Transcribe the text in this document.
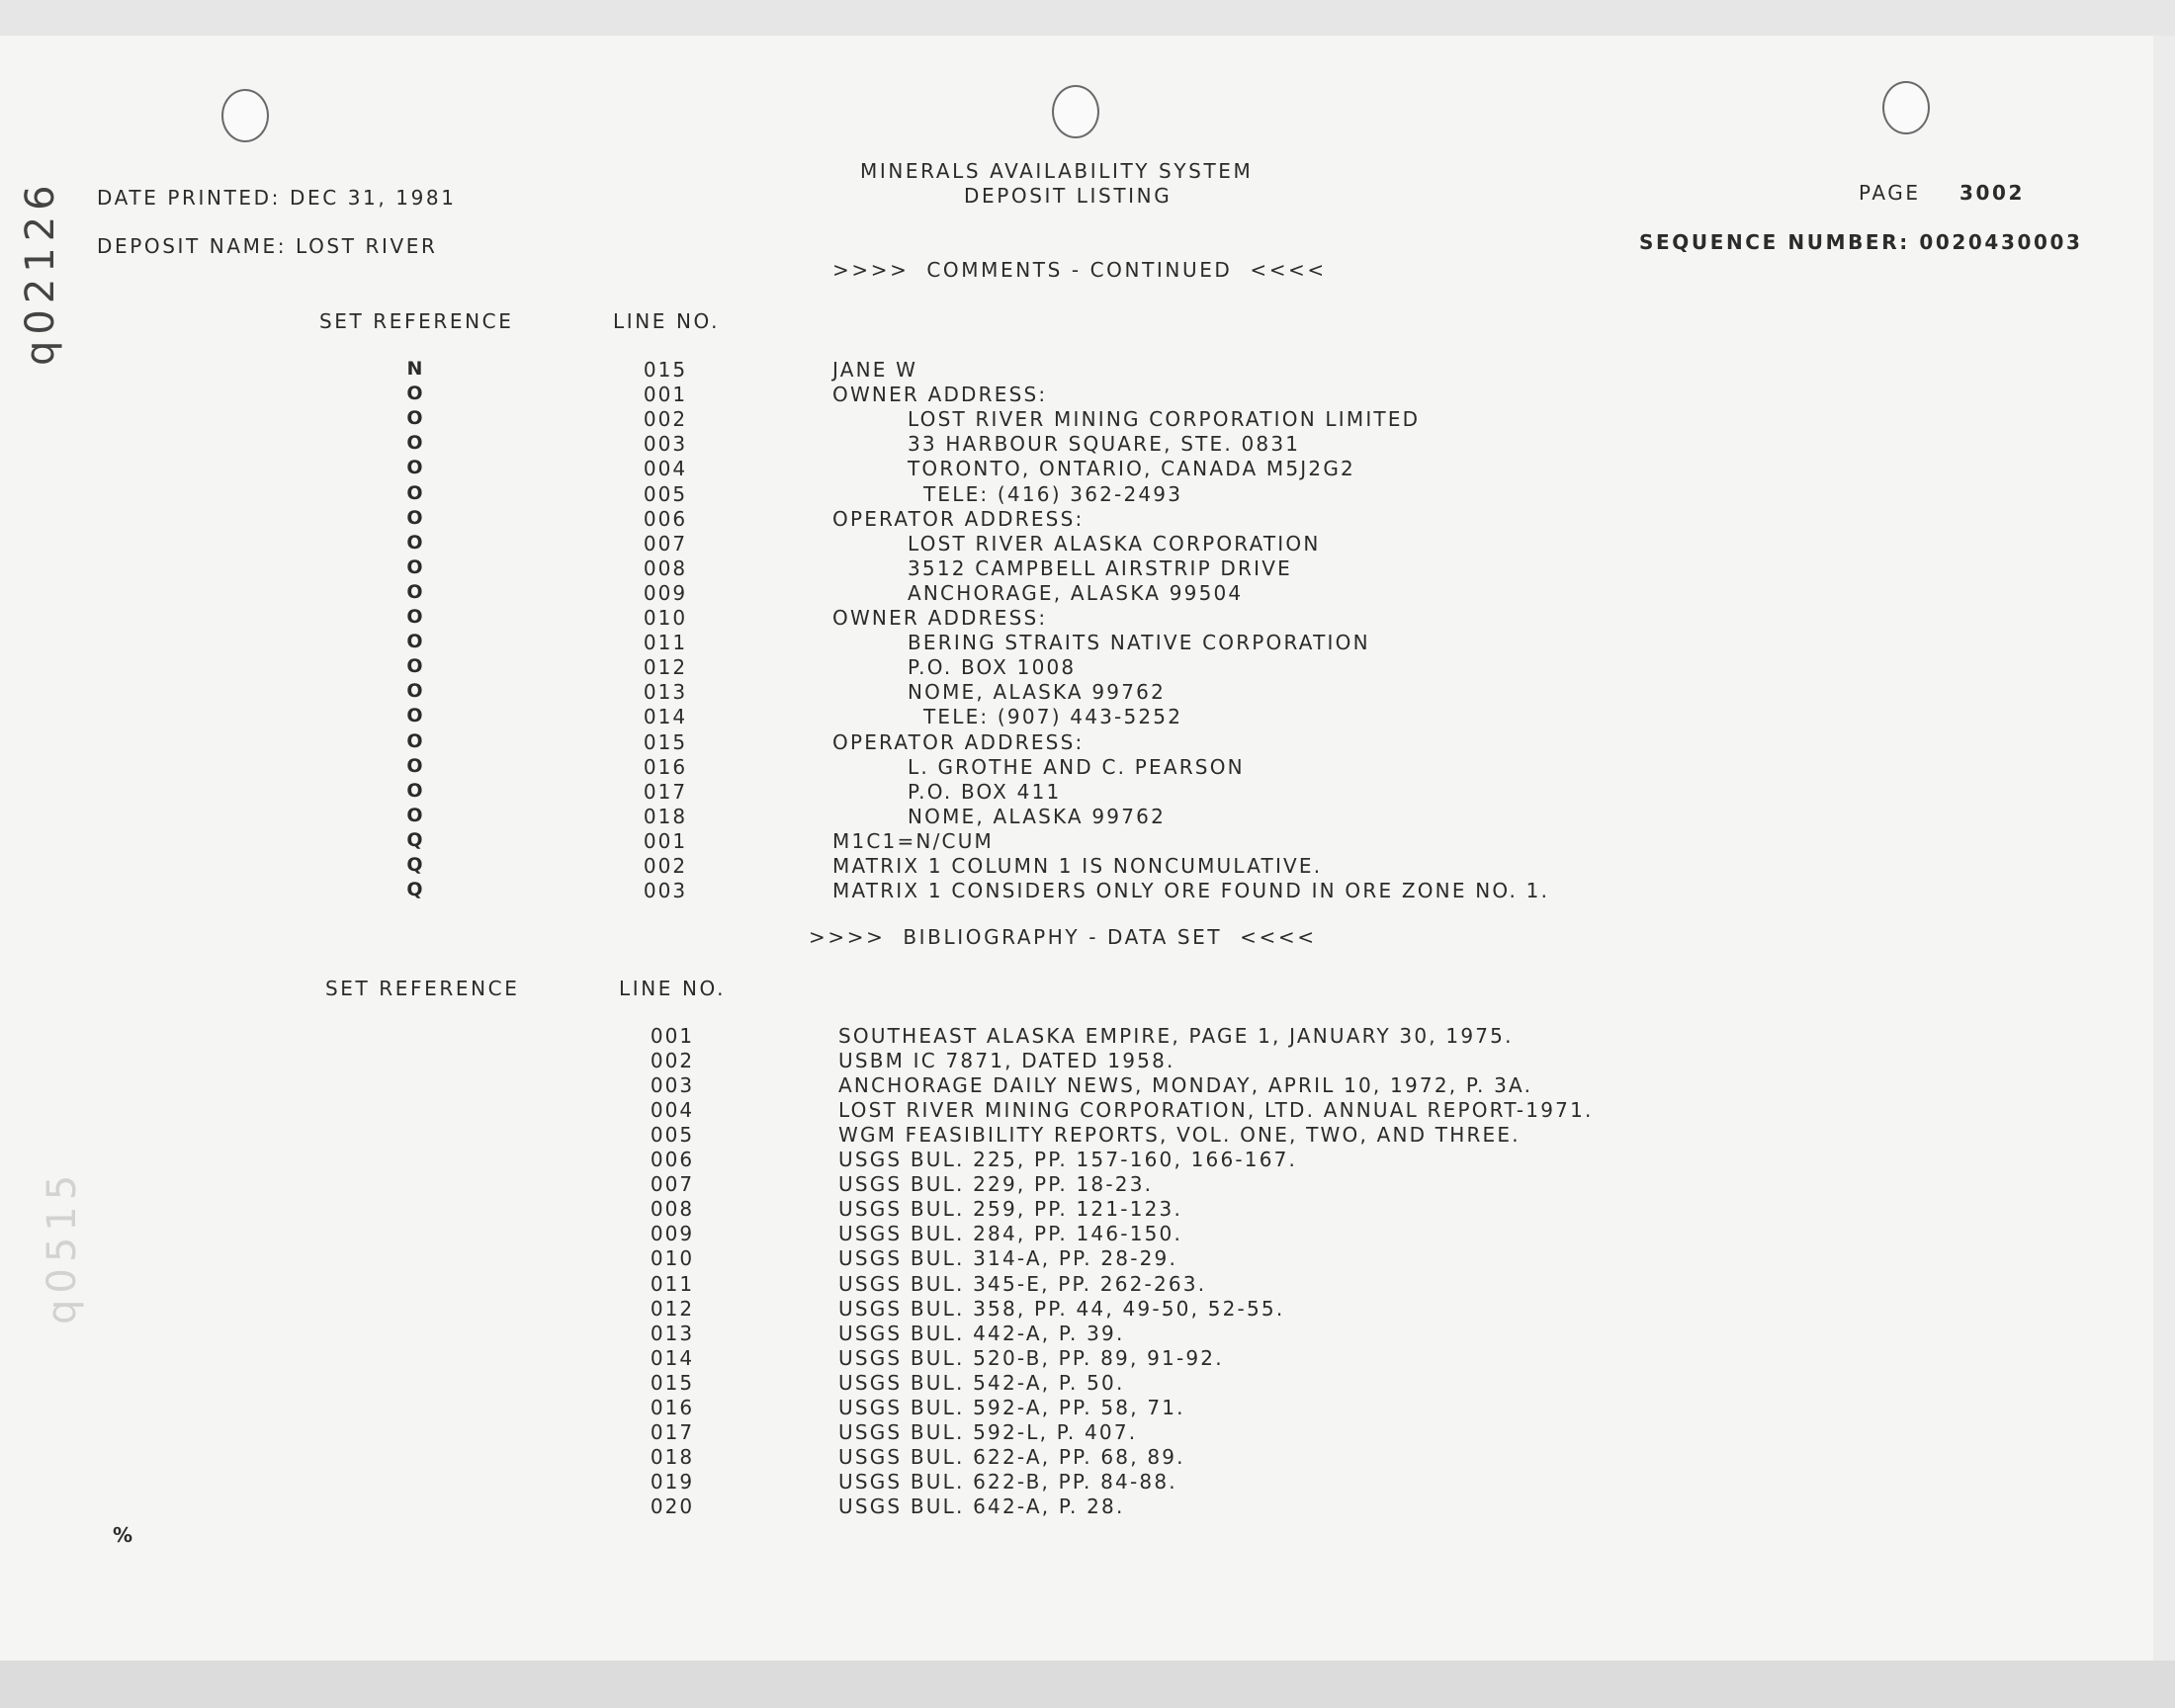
q0515
MINERALS AVAILABILITY SYSTEM
DEPOSIT LISTING
DATE PRINTED: DEC 31, 1981	PAGE 3002
DEPOSIT NAME: LOST RIVER	SEQUENCE NUMBER: 0020430003
>>>>  COMMENTS - CONTINUED  <<<<
SET REFERENCE	LINE NO.
N	015	JANE W
O	001	OWNER ADDRESS:
O	002	LOST RIVER MINING CORPORATION LIMITED
O	003	33 HARBOUR SQUARE, STE. 0831
O	004	TORONTO, ONTARIO, CANADA M5J2G2
O	005	TELE: (416) 362-2493
O	006	OPERATOR ADDRESS:
O	007	LOST RIVER ALASKA CORPORATION
O	008	3512 CAMPBELL AIRSTRIP DRIVE
O	009	ANCHORAGE, ALASKA 99504
O	010	OWNER ADDRESS:
O	011	BERING STRAITS NATIVE CORPORATION
O	012	P.O. BOX 1008
O	013	NOME, ALASKA 99762
O	014	TELE: (907) 443-5252
O	015	OPERATOR ADDRESS:
O	016	L. GROTHE AND C. PEARSON
O	017	P.O. BOX 411
O	018	NOME, ALASKA 99762
Q	001	M1C1=N/CUM
Q	002	MATRIX 1 COLUMN 1 IS NONCUMULATIVE.
Q	003	MATRIX 1 CONSIDERS ONLY ORE FOUND IN ORE ZONE NO. 1.
>>>>  BIBLIOGRAPHY - DATA SET  <<<<
SET REFERENCE	LINE NO.
001	SOUTHEAST ALASKA EMPIRE, PAGE 1, JANUARY 30, 1975.
002	USBM IC 7871, DATED 1958.
003	ANCHORAGE DAILY NEWS, MONDAY, APRIL 10, 1972, P. 3A.
004	LOST RIVER MINING CORPORATION, LTD. ANNUAL REPORT-1971.
005	WGM FEASIBILITY REPORTS, VOL. ONE, TWO, AND THREE.
006	USGS BUL. 225, PP. 157-160, 166-167.
007	USGS BUL. 229, PP. 18-23.
008	USGS BUL. 259, PP. 121-123.
009	USGS BUL. 284, PP. 146-150.
010	USGS BUL. 314-A, PP. 28-29.
011	USGS BUL. 345-E, PP. 262-263.
012	USGS BUL. 358, PP. 44, 49-50, 52-55.
013	USGS BUL. 442-A, P. 39.
014	USGS BUL. 520-B, PP. 89, 91-92.
015	USGS BUL. 542-A, P. 50.
016	USGS BUL. 592-A, PP. 58, 71.
017	USGS BUL. 592-L, P. 407.
018	USGS BUL. 622-A, PP. 68, 89.
019	USGS BUL. 622-B, PP. 84-88.
020	USGS BUL. 642-A, P. 28.
%
